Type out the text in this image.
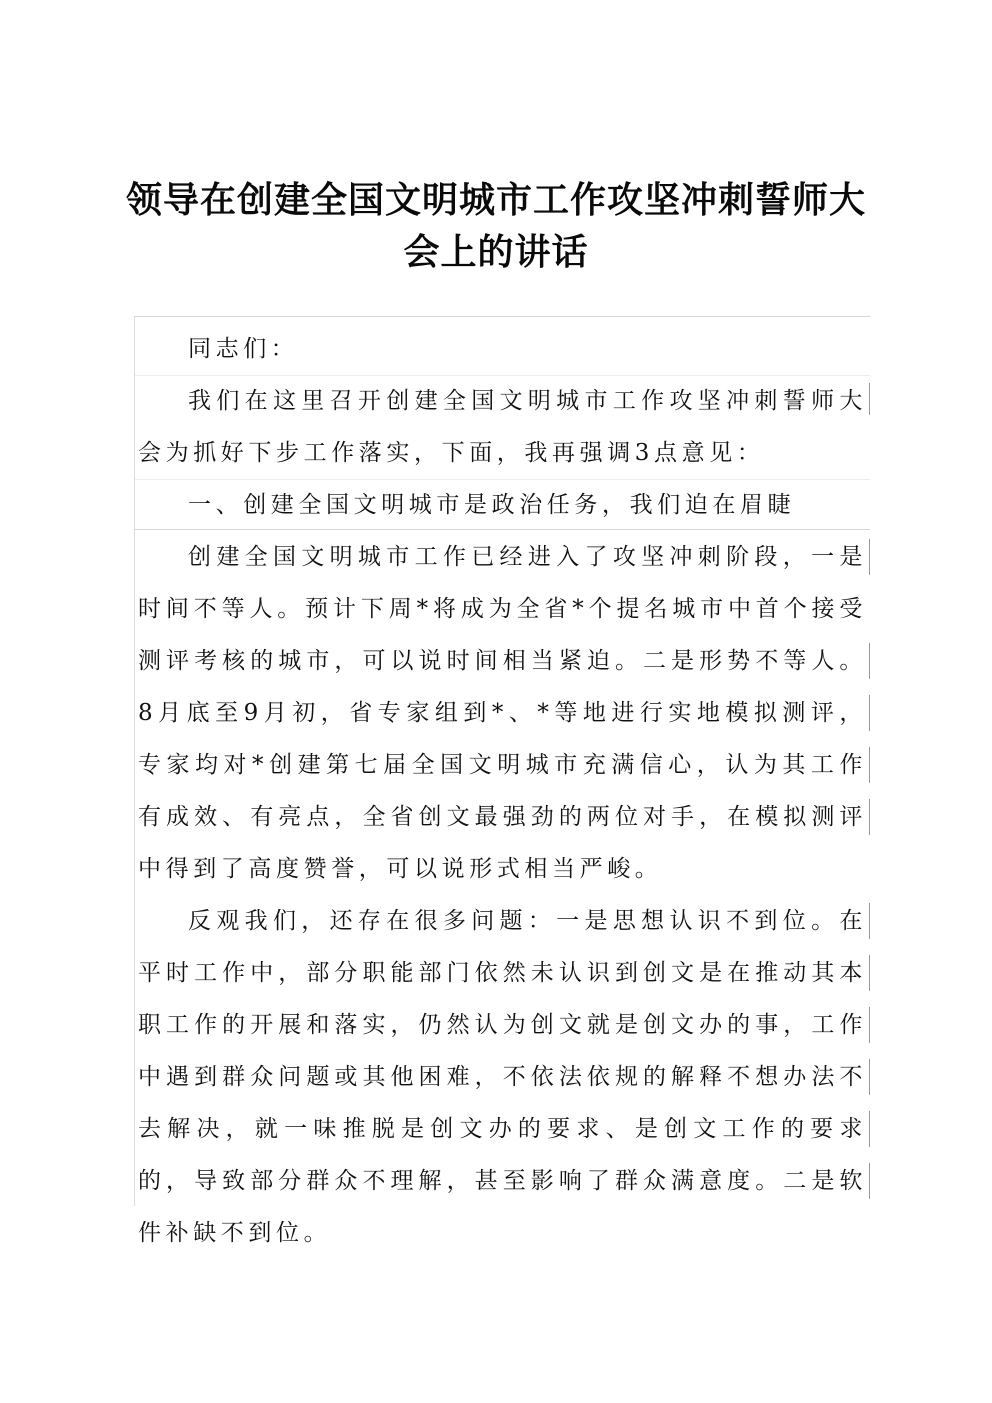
领导在创建全国文明城市工作攻坚冲刺誓师大会上的讲话
同志们：
我们在这里召开创建全国文明城市工作攻坚冲刺誓师大会为抓好下步工作落实，下面，我再强调3点意见：
一、创建全国文明城市是政治任务，我们迫在眉睫
创建全国文明城市工作已经进入了攻坚冲刺阶段，一是时间不等人。预计下周*将成为全省*个提名城市中首个接受测评考核的城市，可以说时间相当紧迫。二是形势不等人。8月底至9月初，省专家组到*、*等地进行实地模拟测评，专家均对*创建第七届全国文明城市充满信心，认为其工作有成效、有亮点，全省创文最强劲的两位对手，在模拟测评中得到了高度赞誉，可以说形式相当严峻。
反观我们，还存在很多问题：一是思想认识不到位。在平时工作中，部分职能部门依然未认识到创文是在推动其本职工作的开展和落实，仍然认为创文就是创文办的事，工作中遇到群众问题或其他困难，不依法依规的解释不想办法不去解决，就一味推脱是创文办的要求、是创文工作的要求的，导致部分群众不理解，甚至影响了群众满意度。二是软件补缺不到位。
